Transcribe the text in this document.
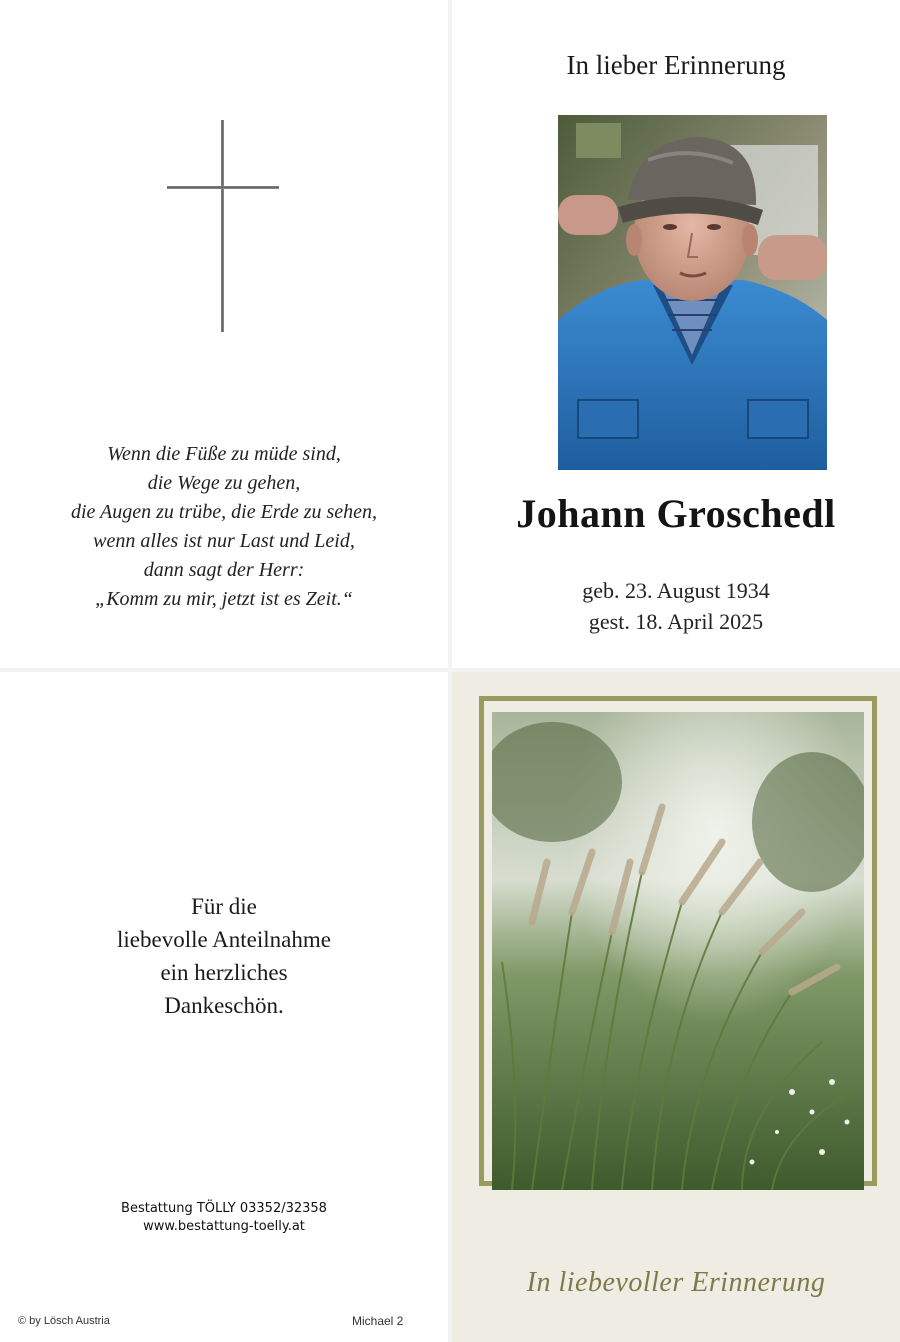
Wenn die Füße zu müde sind,
die Wege zu gehen,
die Augen zu trübe, die Erde zu sehen,
wenn alles ist nur Last und Leid,
dann sagt der Herr:
„Komm zu mir, jetzt ist es Zeit.“
In lieber Erinnerung
Johann Groschedl
geb. 23. August 1934
gest. 18. April 2025
Für die
liebevolle Anteilnahme
ein herzliches
Dankeschön.
Bestattung TÖLLY 03352/32358
www.bestattung-toelly.at
© by Lösch Austria	Michael 2
In liebevoller Erinnerung
